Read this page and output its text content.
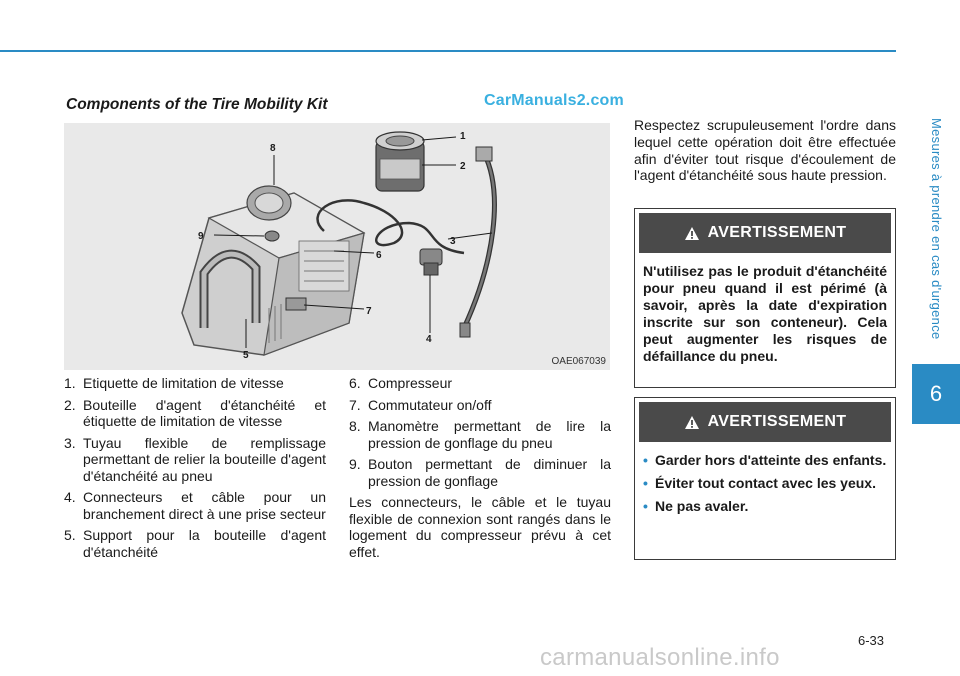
Mesures à prendre en cas d'urgence
6
Components of the Tire Mobility Kit	CarManuals2.com
1
2
3
4
5
6
7
8
9
OAE067039
1. Etiquette de limitation de vitesse
2. Bouteille d'agent d'étanchéité et étiquette de limitation de vitesse
3. Tuyau flexible de remplissage permettant de relier la bouteille d'agent d'étanchéité au pneu
4. Connecteurs et câble pour un branchement direct à une prise secteur
5. Support pour la bouteille d'agent d'étanchéité
6. Compresseur
7. Commutateur on/off
8. Manomètre permettant de lire la pression de gonflage du pneu
9. Bouton permettant de diminuer la pression de gonflage
Les connecteurs, le câble et le tuyau flexible de connexion sont rangés dans le logement du compresseur prévu à cet effet.
Respectez scrupuleusement l'ordre dans lequel cette opération doit être effectuée afin d'éviter tout risque d'écoulement de l'agent d'étanchéité sous haute pression.
AVERTISSEMENT
N'utilisez pas le produit d'étanchéité pour pneu quand il est périmé (à savoir, après la date d'expiration inscrite sur son conteneur). Cela peut augmenter les risques de défaillance du pneu.
AVERTISSEMENT
• Garder hors d'atteinte des enfants.
• Éviter tout contact avec les yeux.
• Ne pas avaler.
6-33
carmanualsonline.info
